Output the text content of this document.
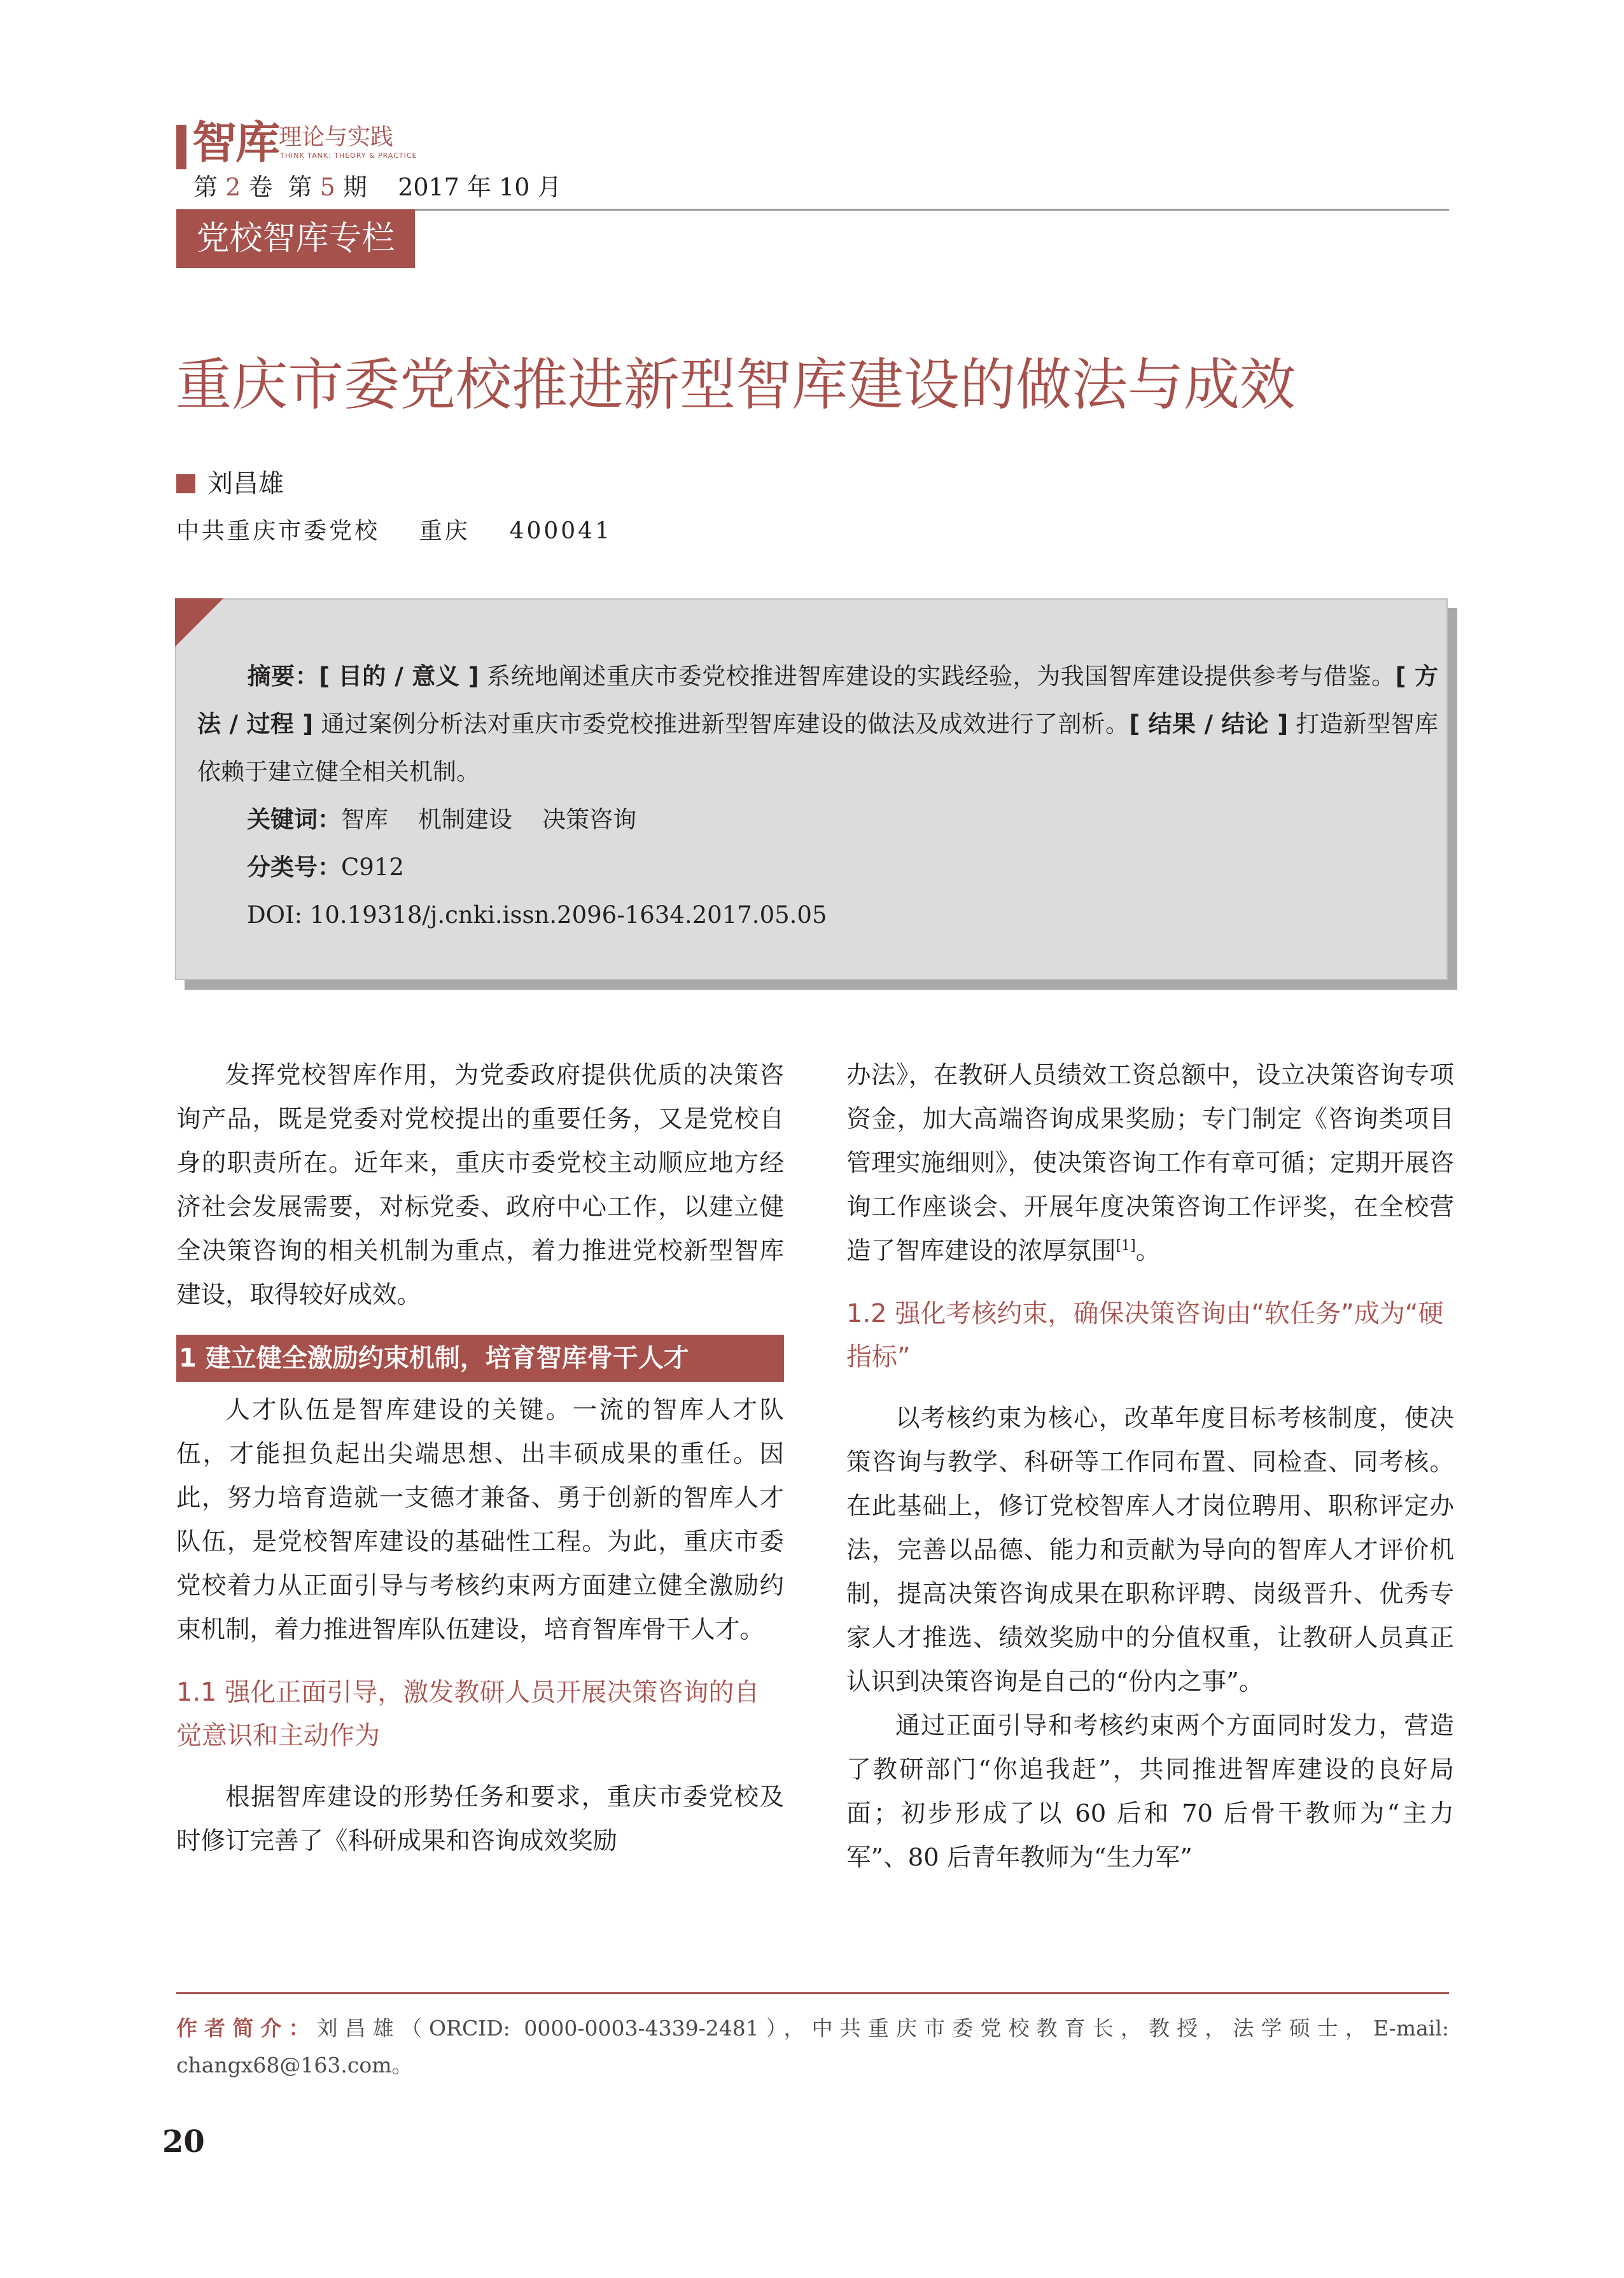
智库 理论与实践
THINK TANK: THEORY & PRACTICE
第 2 卷  第 5 期    2017 年 10 月
党校智库专栏
重庆市委党校推进新型智库建设的做法与成效
刘昌雄
中共重庆市委党校    重庆    400041
摘要：[ 目的 / 意义 ] 系统地阐述重庆市委党校推进智库建设的实践经验，为我国智库建设提供参考与借鉴。[ 方法 / 过程 ] 通过案例分析法对重庆市委党校推进新型智库建设的做法及成效进行了剖析。[ 结果 / 结论 ] 打造新型智库依赖于建立健全相关机制。
关键词：智库    机制建设    决策咨询
分类号：C912
DOI: 10.19318/j.cnki.issn.2096-1634.2017.05.05

发挥党校智库作用，为党委政府提供优质的决策咨询产品，既是党委对党校提出的重要任务，又是党校自身的职责所在。近年来，重庆市委党校主动顺应地方经济社会发展需要，对标党委、政府中心工作，以建立健全决策咨询的相关机制为重点，着力推进党校新型智库建设，取得较好成效。

1 建立健全激励约束机制，培育智库骨干人才

人才队伍是智库建设的关键。一流的智库人才队伍，才能担负起出尖端思想、出丰硕成果的重任。因此，努力培育造就一支德才兼备、勇于创新的智库人才队伍，是党校智库建设的基础性工程。为此，重庆市委党校着力从正面引导与考核约束两方面建立健全激励约束机制，着力推进智库队伍建设，培育智库骨干人才。

1.1 强化正面引导，激发教研人员开展决策咨询的自觉意识和主动作为

根据智库建设的形势任务和要求，重庆市委党校及时修订完善了《科研成果和咨询成效奖励

办法》，在教研人员绩效工资总额中，设立决策咨询专项资金，加大高端咨询成果奖励；专门制定《咨询类项目管理实施细则》，使决策咨询工作有章可循；定期开展咨询工作座谈会、开展年度决策咨询工作评奖，在全校营造了智库建设的浓厚氛围[1]。

1.2 强化考核约束，确保决策咨询由“软任务”成为“硬指标”

以考核约束为核心，改革年度目标考核制度，使决策咨询与教学、科研等工作同布置、同检查、同考核。在此基础上，修订党校智库人才岗位聘用、职称评定办法，完善以品德、能力和贡献为导向的智库人才评价机制，提高决策咨询成果在职称评聘、岗级晋升、优秀专家人才推选、绩效奖励中的分值权重，让教研人员真正认识到决策咨询是自己的“份内之事”。

通过正面引导和考核约束两个方面同时发力，营造了教研部门“你追我赶”，共同推进智库建设的良好局面；初步形成了以 60 后和 70 后骨干教师为“主力军”、80 后青年教师为“生力军”

作者简介：刘昌雄（ORCID: 0000-0003-4339-2481），中共重庆市委党校教育长，教授，法学硕士，E-mail: changx68@163.com。
20
